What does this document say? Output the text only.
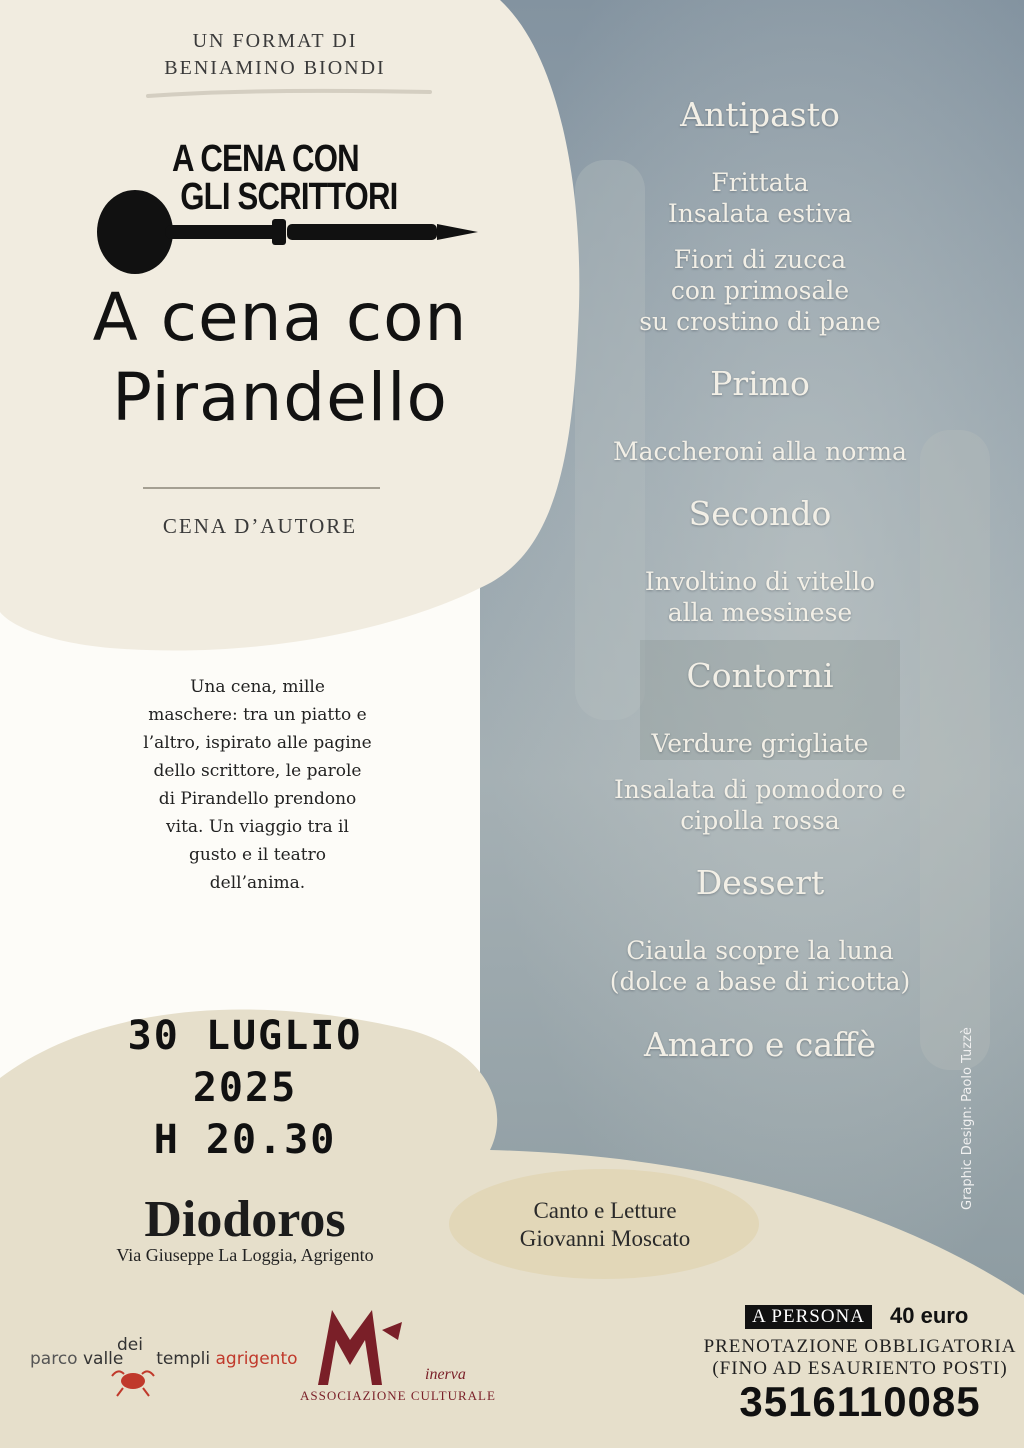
UN FORMAT DI
BENIAMINO BIONDI
A CENA CON
GLI SCRITTORI
A cena con
Pirandello
CENA D’AUTORE
Una cena, mille
maschere: tra un piatto e
l’altro, ispirato alle pagine
dello scrittore, le parole
di Pirandello prendono
vita. Un viaggio tra il
gusto e il teatro
dell’anima.
30 LUGLIO
2025
H 20.30
Diodoros
Via Giuseppe La Loggia, Agrigento
Antipasto
Frittata
Insalata estiva
Fiori di zucca
con primosale
su crostino di pane
Primo
Maccheroni alla norma
Secondo
Involtino di vitello
alla messinese
Contorni
Verdure grigliate
Insalata di pomodoro e
cipolla rossa
Dessert
Ciaula scopre la luna
(dolce a base di ricotta)
Amaro e caffè	Graphic Design: Paolo Tuzzè
Canto e Letture
Giovanni Moscato
A PERSONA	40 euro
PRENOTAZIONE OBBLIGATORIA
(FINO AD ESAURIENTO POSTI)
3516110085
parco valle
dei
templi agrigento
inerva
ASSOCIAZIONE CULTURALE
